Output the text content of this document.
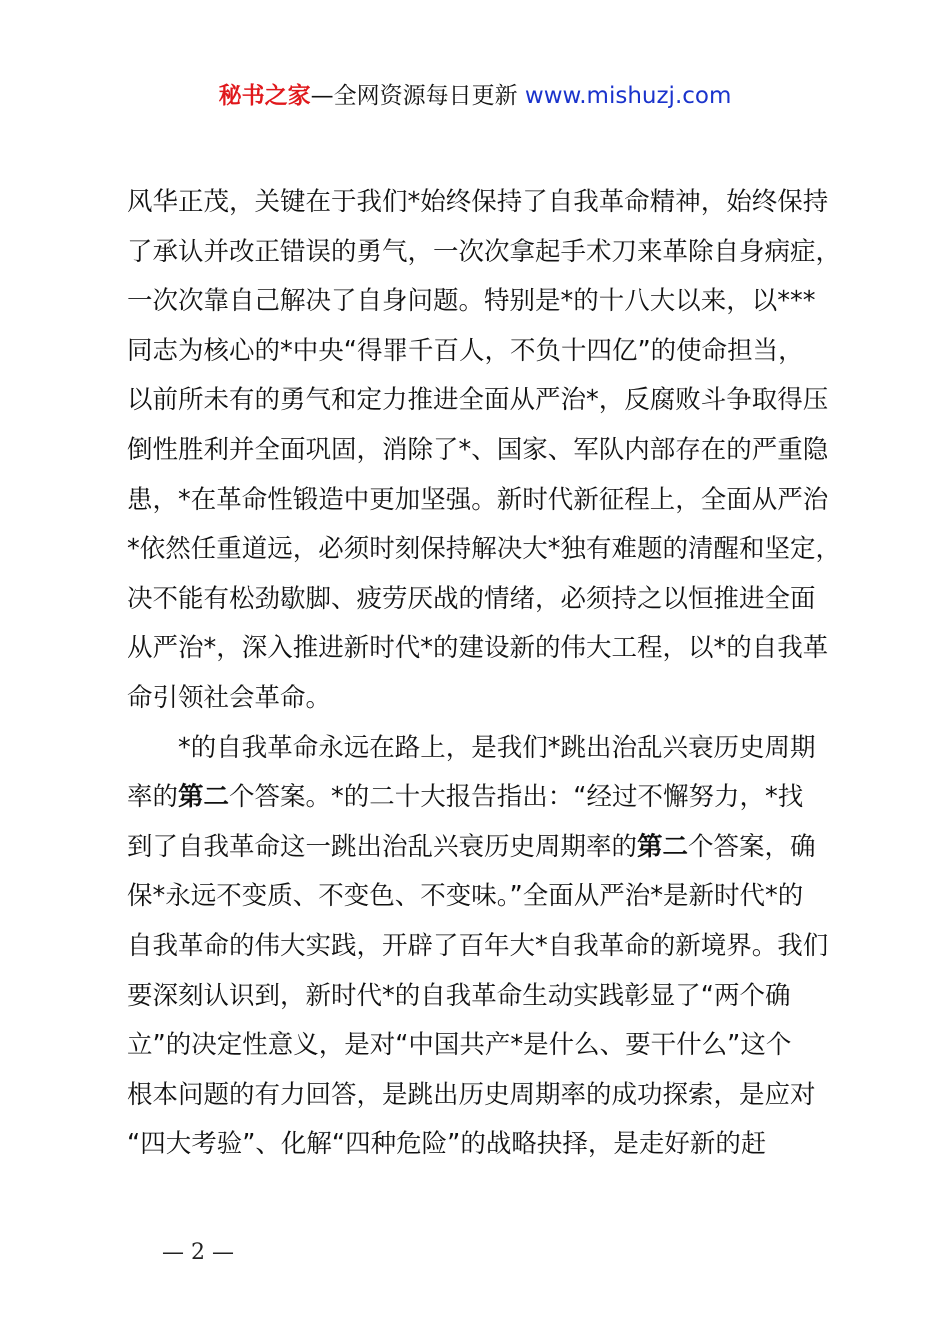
秘书之家—全网资源每日更新 www.mishuzj.com
风华正茂，关键在于我们*始终保持了自我革命精神，始终保持
了承认并改正错误的勇气，一次次拿起手术刀来革除自身病症，
一次次靠自己解决了自身问题。特别是*的十八大以来，以***
同志为核心的*中央“得罪千百人，不负十四亿”的使命担当，
以前所未有的勇气和定力推进全面从严治*，反腐败斗争取得压
倒性胜利并全面巩固，消除了*、国家、军队内部存在的严重隐
患，*在革命性锻造中更加坚强。新时代新征程上，全面从严治
*依然任重道远，必须时刻保持解决大*独有难题的清醒和坚定，
决不能有松劲歇脚、疲劳厌战的情绪，必须持之以恒推进全面
从严治*，深入推进新时代*的建设新的伟大工程，以*的自我革
命引领社会革命。
*的自我革命永远在路上，是我们*跳出治乱兴衰历史周期
率的第二个答案。*的二十大报告指出：“经过不懈努力，*找
到了自我革命这一跳出治乱兴衰历史周期率的第二个答案，确
保*永远不变质、不变色、不变味。”全面从严治*是新时代*的
自我革命的伟大实践，开辟了百年大*自我革命的新境界。我们
要深刻认识到，新时代*的自我革命生动实践彰显了“两个确
立”的决定性意义，是对“中国共产*是什么、要干什么”这个
根本问题的有力回答，是跳出历史周期率的成功探索，是应对
“四大考验”、化解“四种危险”的战略抉择，是走好新的赶
— 2 —
